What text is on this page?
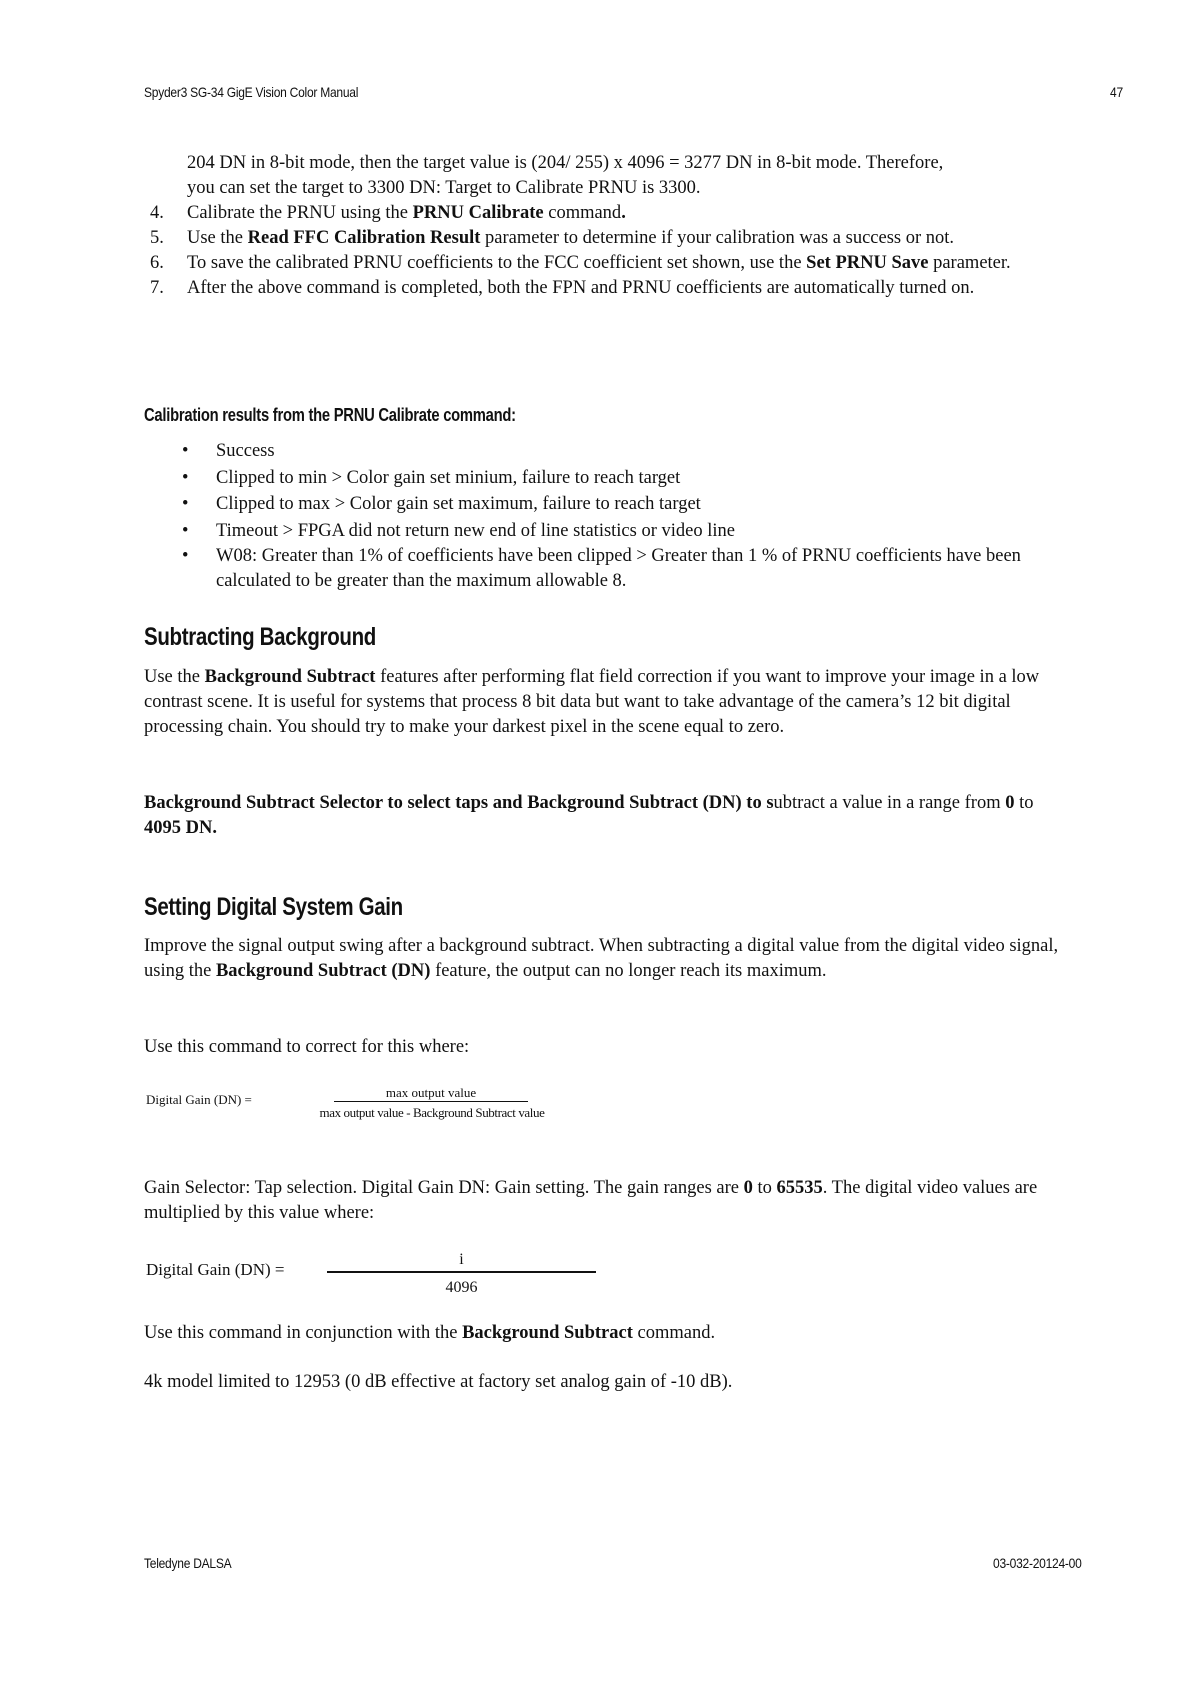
Spyder3 SG-34 GigE Vision Color Manual	47
204 DN in 8-bit mode, then the target value is (204/ 255) x 4096 = 3277 DN in 8-bit mode. Therefore,
you can set the target to 3300 DN: Target to Calibrate PRNU is 3300.
4. Calibrate the PRNU using the PRNU Calibrate command.
5. Use the Read FFC Calibration Result parameter to determine if your calibration was a success or not.
6. To save the calibrated PRNU coefficients to the FCC coefficient set shown, use the Set PRNU Save parameter.
7. After the above command is completed, both the FPN and PRNU coefficients are automatically turned on.
Calibration results from the PRNU Calibrate command:
• Success
• Clipped to min > Color gain set minium, failure to reach target
• Clipped to max > Color gain set maximum, failure to reach target
• Timeout > FPGA did not return new end of line statistics or video line
• W08: Greater than 1% of coefficients have been clipped > Greater than 1 % of PRNU coefficients have been calculated to be greater than the maximum allowable 8.
Subtracting Background
Use the Background Subtract features after performing flat field correction if you want to improve your image in a low contrast scene. It is useful for systems that process 8 bit data but want to take advantage of the camera’s 12 bit digital processing chain. You should try to make your darkest pixel in the scene equal to zero.
Background Subtract Selector to select taps and Background Subtract (DN) to subtract a value in a range from 0 to 4095 DN.
Setting Digital System Gain
Improve the signal output swing after a background subtract. When subtracting a digital value from the digital video signal, using the Background Subtract (DN) feature, the output can no longer reach its maximum.
Use this command to correct for this where:
Digital Gain (DN) =	max output value
max output value - Background Subtract value
Gain Selector: Tap selection. Digital Gain DN: Gain setting. The gain ranges are 0 to 65535. The digital video values are multiplied by this value where:
Digital Gain (DN) =
i
4096
Use this command in conjunction with the Background Subtract command.
4k model limited to 12953 (0 dB effective at factory set analog gain of -10 dB).
Teledyne DALSA	03-032-20124-00
